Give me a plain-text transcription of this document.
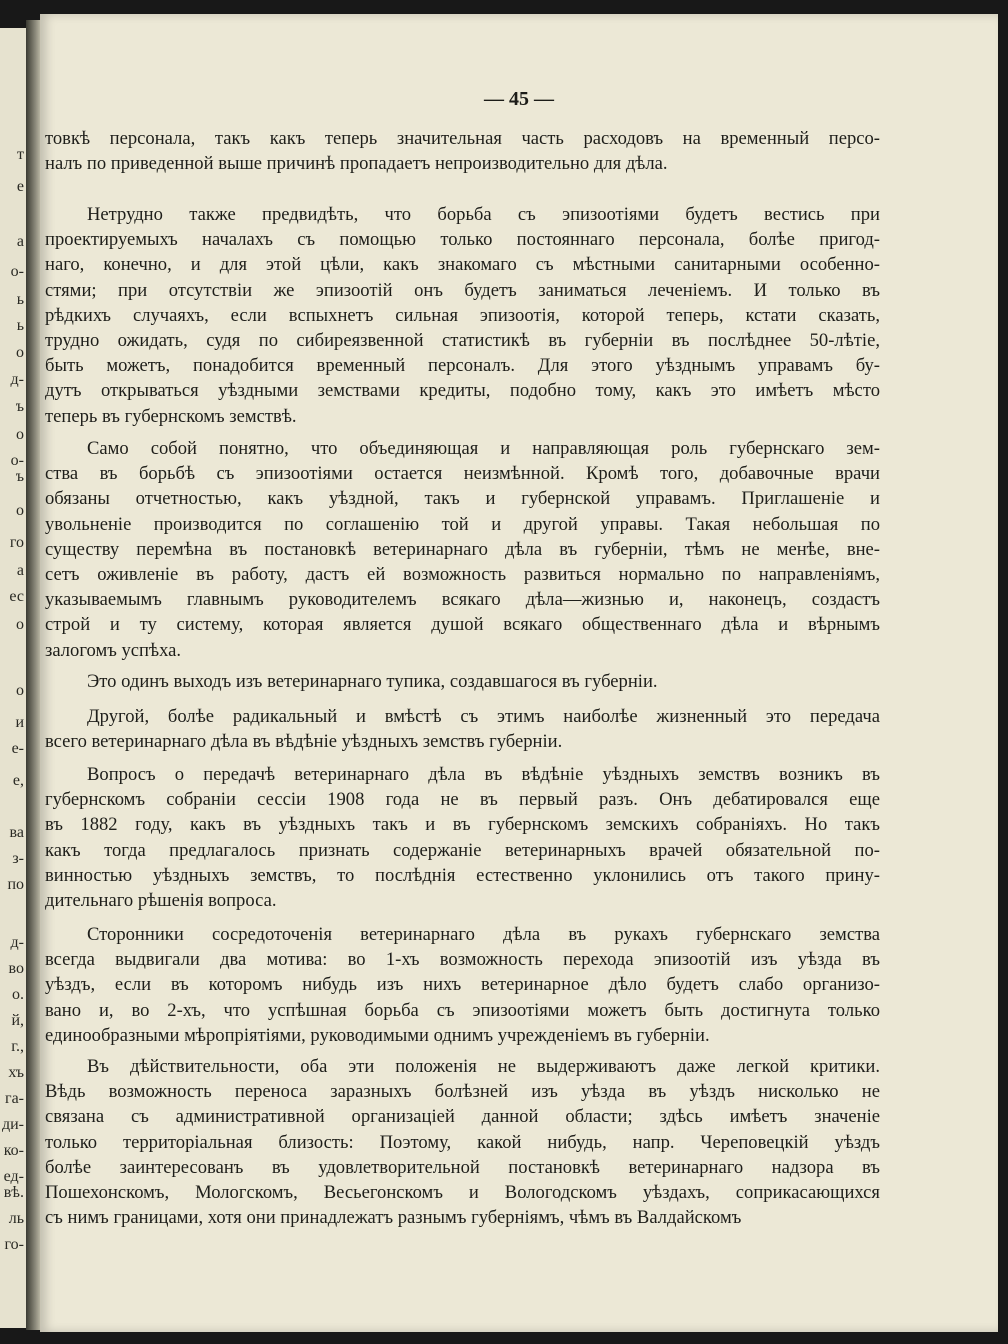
т
е
а
о-
ь
ь
о
д-
ъ
о
о-
ъ
о
го
а
ес
о
о
и
е-
е,
ва
з-
по
д-
во
о.
й,
г.,
хъ
га-
ди-
ко-
ед-
вѣ.
ль
го-
— 45 —
товкѣ персонала, такъ какъ теперь значительная часть расходовъ на временный персо-
налъ по приведенной выше причинѣ пропадаетъ непроизводительно для дѣла.
Нетрудно также предвидѣть, что борьба съ эпизоотіями будетъ вестись при
проектируемыхъ началахъ съ помощью только постояннаго персонала, болѣе пригод-
наго, конечно, и для этой цѣли, какъ знакомаго съ мѣстными санитарными особенно-
стями; при отсутствіи же эпизоотій онъ будетъ заниматься леченіемъ. И только въ
рѣдкихъ случаяхъ, если вспыхнетъ сильная эпизоотія, которой теперь, кстати сказать,
трудно ожидать, судя по сибиреязвенной статистикѣ въ губерніи въ послѣднее 50-лѣтіе,
быть можетъ, понадобится временный персоналъ. Для этого уѣзднымъ управамъ бу-
дутъ открываться уѣздными земствами кредиты, подобно тому, какъ это имѣетъ мѣсто
теперь въ губернскомъ земствѣ.
Само собой понятно, что объединяющая и направляющая роль губернскаго зем-
ства въ борьбѣ съ эпизоотіями остается неизмѣнной. Кромѣ того, добавочные врачи
обязаны отчетностью, какъ уѣздной, такъ и губернской управамъ. Приглашеніе и
увольненіе производится по соглашенію той и другой управы. Такая небольшая по
существу перемѣна въ постановкѣ ветеринарнаго дѣла въ губерніи, тѣмъ не менѣе, вне-
сетъ оживленіе въ работу, дастъ ей возможность развиться нормально по направленіямъ,
указываемымъ главнымъ руководителемъ всякаго дѣла—жизнью и, наконецъ, создастъ
строй и ту систему, которая является душой всякаго общественнаго дѣла и вѣрнымъ
залогомъ успѣха.
Это одинъ выходъ изъ ветеринарнаго тупика, создавшагося въ губерніи.
Другой, болѣе радикальный и вмѣстѣ съ этимъ наиболѣе жизненный это передача
всего ветеринарнаго дѣла въ вѣдѣніе уѣздныхъ земствъ губерніи.
Вопросъ о передачѣ ветеринарнаго дѣла въ вѣдѣніе уѣздныхъ земствъ возникъ въ
губернскомъ собраніи сессіи 1908 года не въ первый разъ. Онъ дебатировался еще
въ 1882 году, какъ въ уѣздныхъ такъ и въ губернскомъ земскихъ собраніяхъ. Но такъ
какъ тогда предлагалось признать содержаніе ветеринарныхъ врачей обязательной по-
винностью уѣздныхъ земствъ, то послѣднія естественно уклонились отъ такого прину-
дительнаго рѣшенія вопроса.
Сторонники сосредоточенія ветеринарнаго дѣла въ рукахъ губернскаго земства
всегда выдвигали два мотива: во 1-хъ возможность перехода эпизоотій изъ уѣзда въ
уѣздъ, если въ которомъ нибудь изъ нихъ ветеринарное дѣло будетъ слабо организо-
вано и, во 2-хъ, что успѣшная борьба съ эпизоотіями можетъ быть достигнута только
единообразными мѣропріятіями, руководимыми однимъ учрежденіемъ въ губерніи.
Въ дѣйствительности, оба эти положенія не выдерживаютъ даже легкой критики.
Вѣдь возможность переноса заразныхъ болѣзней изъ уѣзда въ уѣздъ нисколько не
связана съ административной организаціей данной области; здѣсь имѣетъ значеніе
только территоріальная близость: Поэтому, какой нибудь, напр. Череповецкій уѣздъ
болѣе заинтересованъ въ удовлетворительной постановкѣ ветеринарнаго надзора въ
Пошехонскомъ, Мологскомъ, Весьегонскомъ и Вологодскомъ уѣздахъ, соприкасающихся
съ нимъ границами, хотя они принадлежатъ разнымъ губерніямъ, чѣмъ въ Валдайскомъ
